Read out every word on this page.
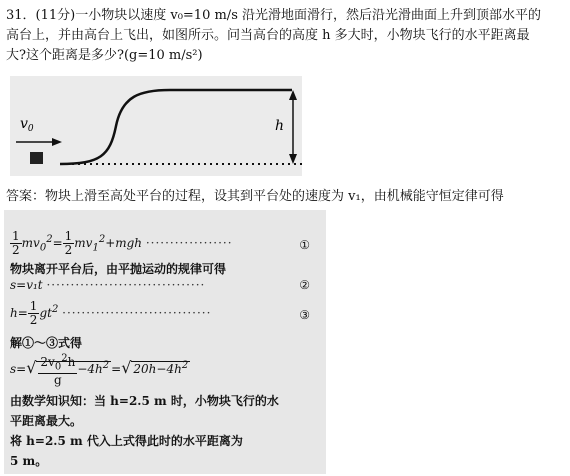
31．(11分)一小物块以速度 v₀=10 m/s 沿光滑地面滑行，然后沿光滑曲面上升到顶部水平的
高台上，并由高台上飞出，如图所示。问当高台的高度 h 多大时，小物块飞行的水平距离最
大?这个距离是多少?(g=10 m/s²)
$v_0$	h
答案：物块上滑至高处平台的过程，设其到平台处的速度为 v₁，由机械能守恒定律可得
$\frac{1}{2} mv_0^2= \frac{1}{2} mv_1^2+mgh$ ··················	①
物块离开平台后，由平抛运动的规律可得
s=v₁t ·································	②
$h= \frac{1}{2} gt^2$ ·······························	③
解①～③式得
$s=√ \frac{2v_0^2h}{g} -4h^2$ =√ $20h-4h^2$
由数学知识知：当 h=2.5 m 时，小物块飞行的水
平距离最大。
将 h=2.5 m 代入上式得此时的水平距离为
5 m。
